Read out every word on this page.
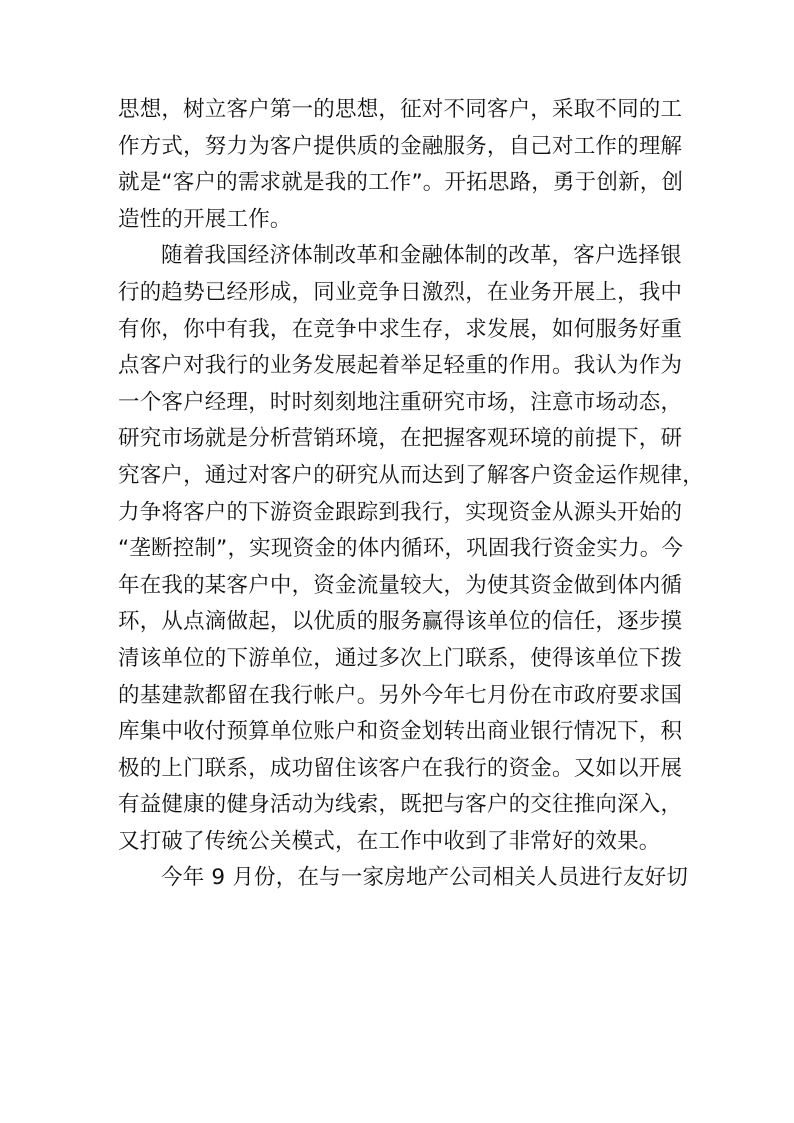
思想，树立客户第一的思想，征对不同客户，采取不同的工
作方式，努力为客户提供质的金融服务，自己对工作的理解
就是“客户的需求就是我的工作”。开拓思路，勇于创新，创
造性的开展工作。
随着我国经济体制改革和金融体制的改革，客户选择银
行的趋势已经形成，同业竞争日激烈，在业务开展上，我中
有你，你中有我，在竞争中求生存，求发展，如何服务好重
点客户对我行的业务发展起着举足轻重的作用。我认为作为
一个客户经理，时时刻刻地注重研究市场，注意市场动态，
研究市场就是分析营销环境，在把握客观环境的前提下，研
究客户，通过对客户的研究从而达到了解客户资金运作规律，
力争将客户的下游资金跟踪到我行，实现资金从源头开始的
“垄断控制”，实现资金的体内循环，巩固我行资金实力。今
年在我的某客户中，资金流量较大，为使其资金做到体内循
环，从点滴做起，以优质的服务赢得该单位的信任，逐步摸
清该单位的下游单位，通过多次上门联系，使得该单位下拨
的基建款都留在我行帐户。另外今年七月份在市政府要求国
库集中收付预算单位账户和资金划转出商业银行情况下，积
极的上门联系，成功留住该客户在我行的资金。又如以开展
有益健康的健身活动为线索，既把与客户的交往推向深入，
又打破了传统公关模式，在工作中收到了非常好的效果。
今年 9 月份，在与一家房地产公司相关人员进行友好切
